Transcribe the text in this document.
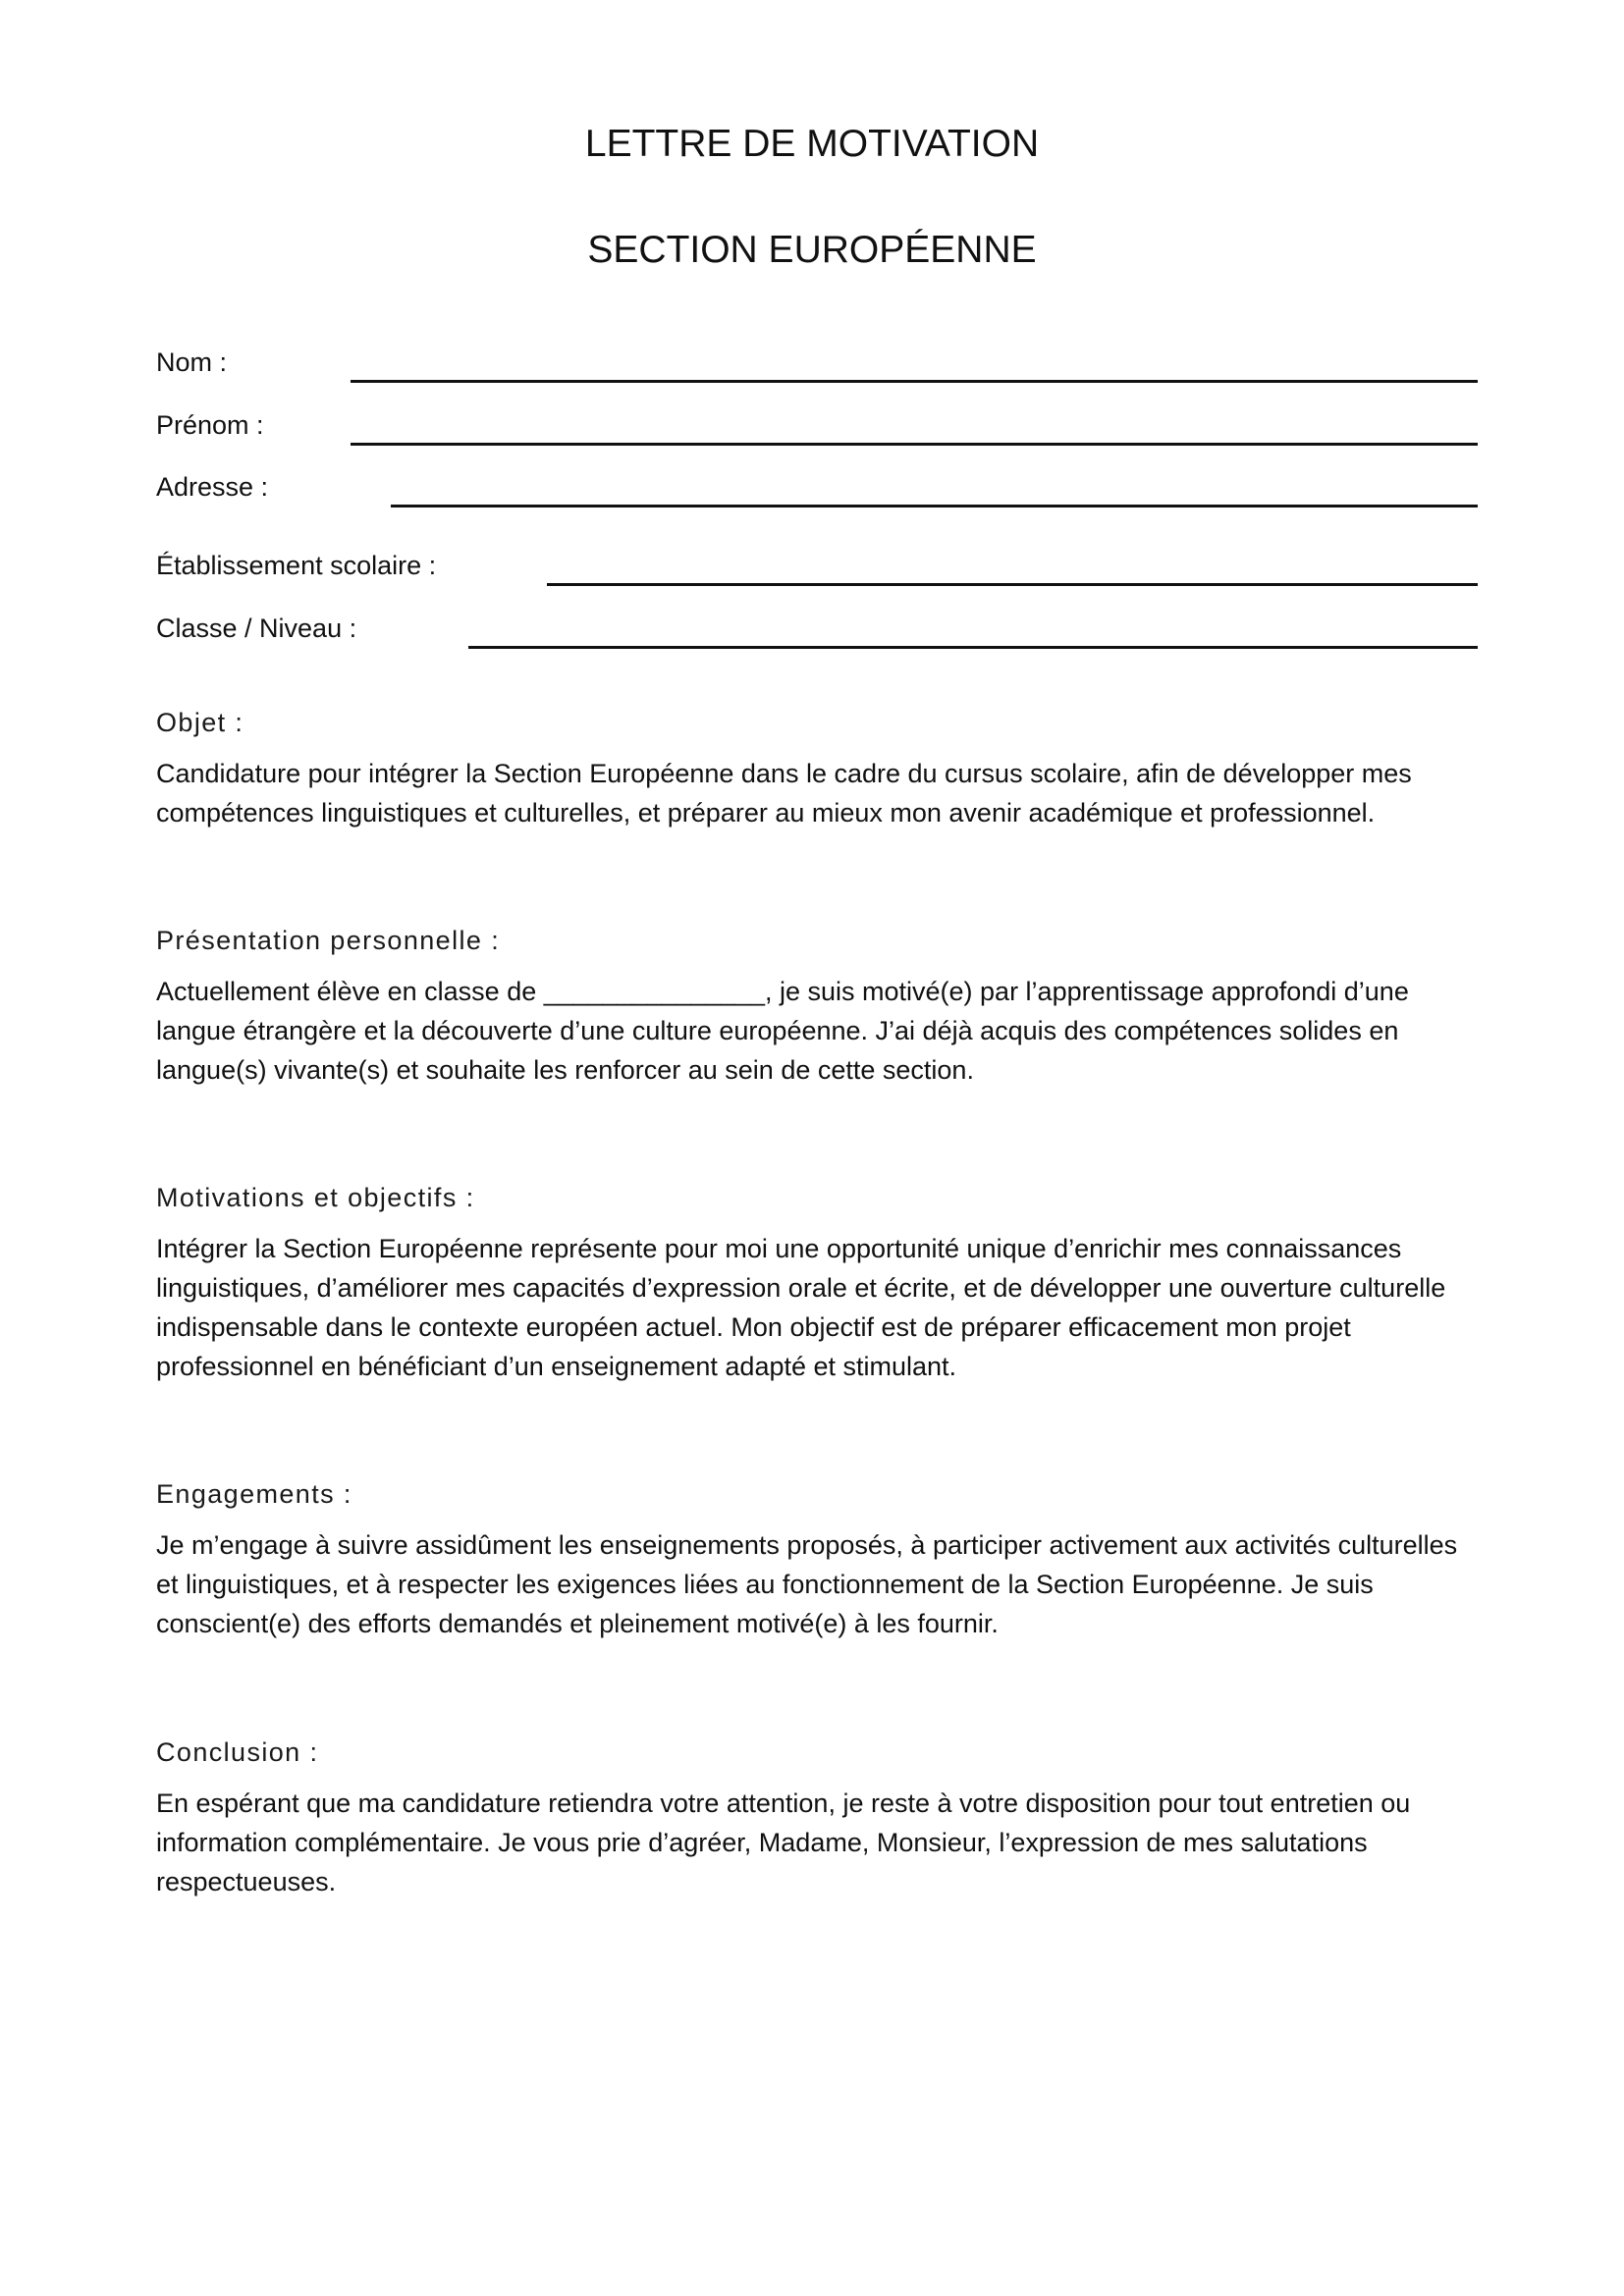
LETTRE DE MOTIVATION
SECTION EUROPÉENNE
Nom :
Prénom :
Adresse :
Établissement scolaire :
Classe / Niveau :

Objet :

Candidature pour intégrer la Section Européenne dans le cadre du cursus scolaire, afin de développer mes compétences linguistiques et culturelles, et préparer au mieux mon avenir académique et professionnel.

Présentation personnelle :

Actuellement élève en classe de _______________, je suis motivé(e) par l’apprentissage approfondi d’une langue étrangère et la découverte d’une culture européenne. J’ai déjà acquis des compétences solides en langue(s) vivante(s) et souhaite les renforcer au sein de cette section.

Motivations et objectifs :

Intégrer la Section Européenne représente pour moi une opportunité unique d’enrichir mes connaissances linguistiques, d’améliorer mes capacités d’expression orale et écrite, et de développer une ouverture culturelle indispensable dans le contexte européen actuel. Mon objectif est de préparer efficacement mon projet professionnel en bénéficiant d’un enseignement adapté et stimulant.

Engagements :

Je m’engage à suivre assidûment les enseignements proposés, à participer activement aux activités culturelles et linguistiques, et à respecter les exigences liées au fonctionnement de la Section Européenne. Je suis conscient(e) des efforts demandés et pleinement motivé(e) à les fournir.

Conclusion :

En espérant que ma candidature retiendra votre attention, je reste à votre disposition pour tout entretien ou information complémentaire. Je vous prie d’agréer, Madame, Monsieur, l’expression de mes salutations respectueuses.
